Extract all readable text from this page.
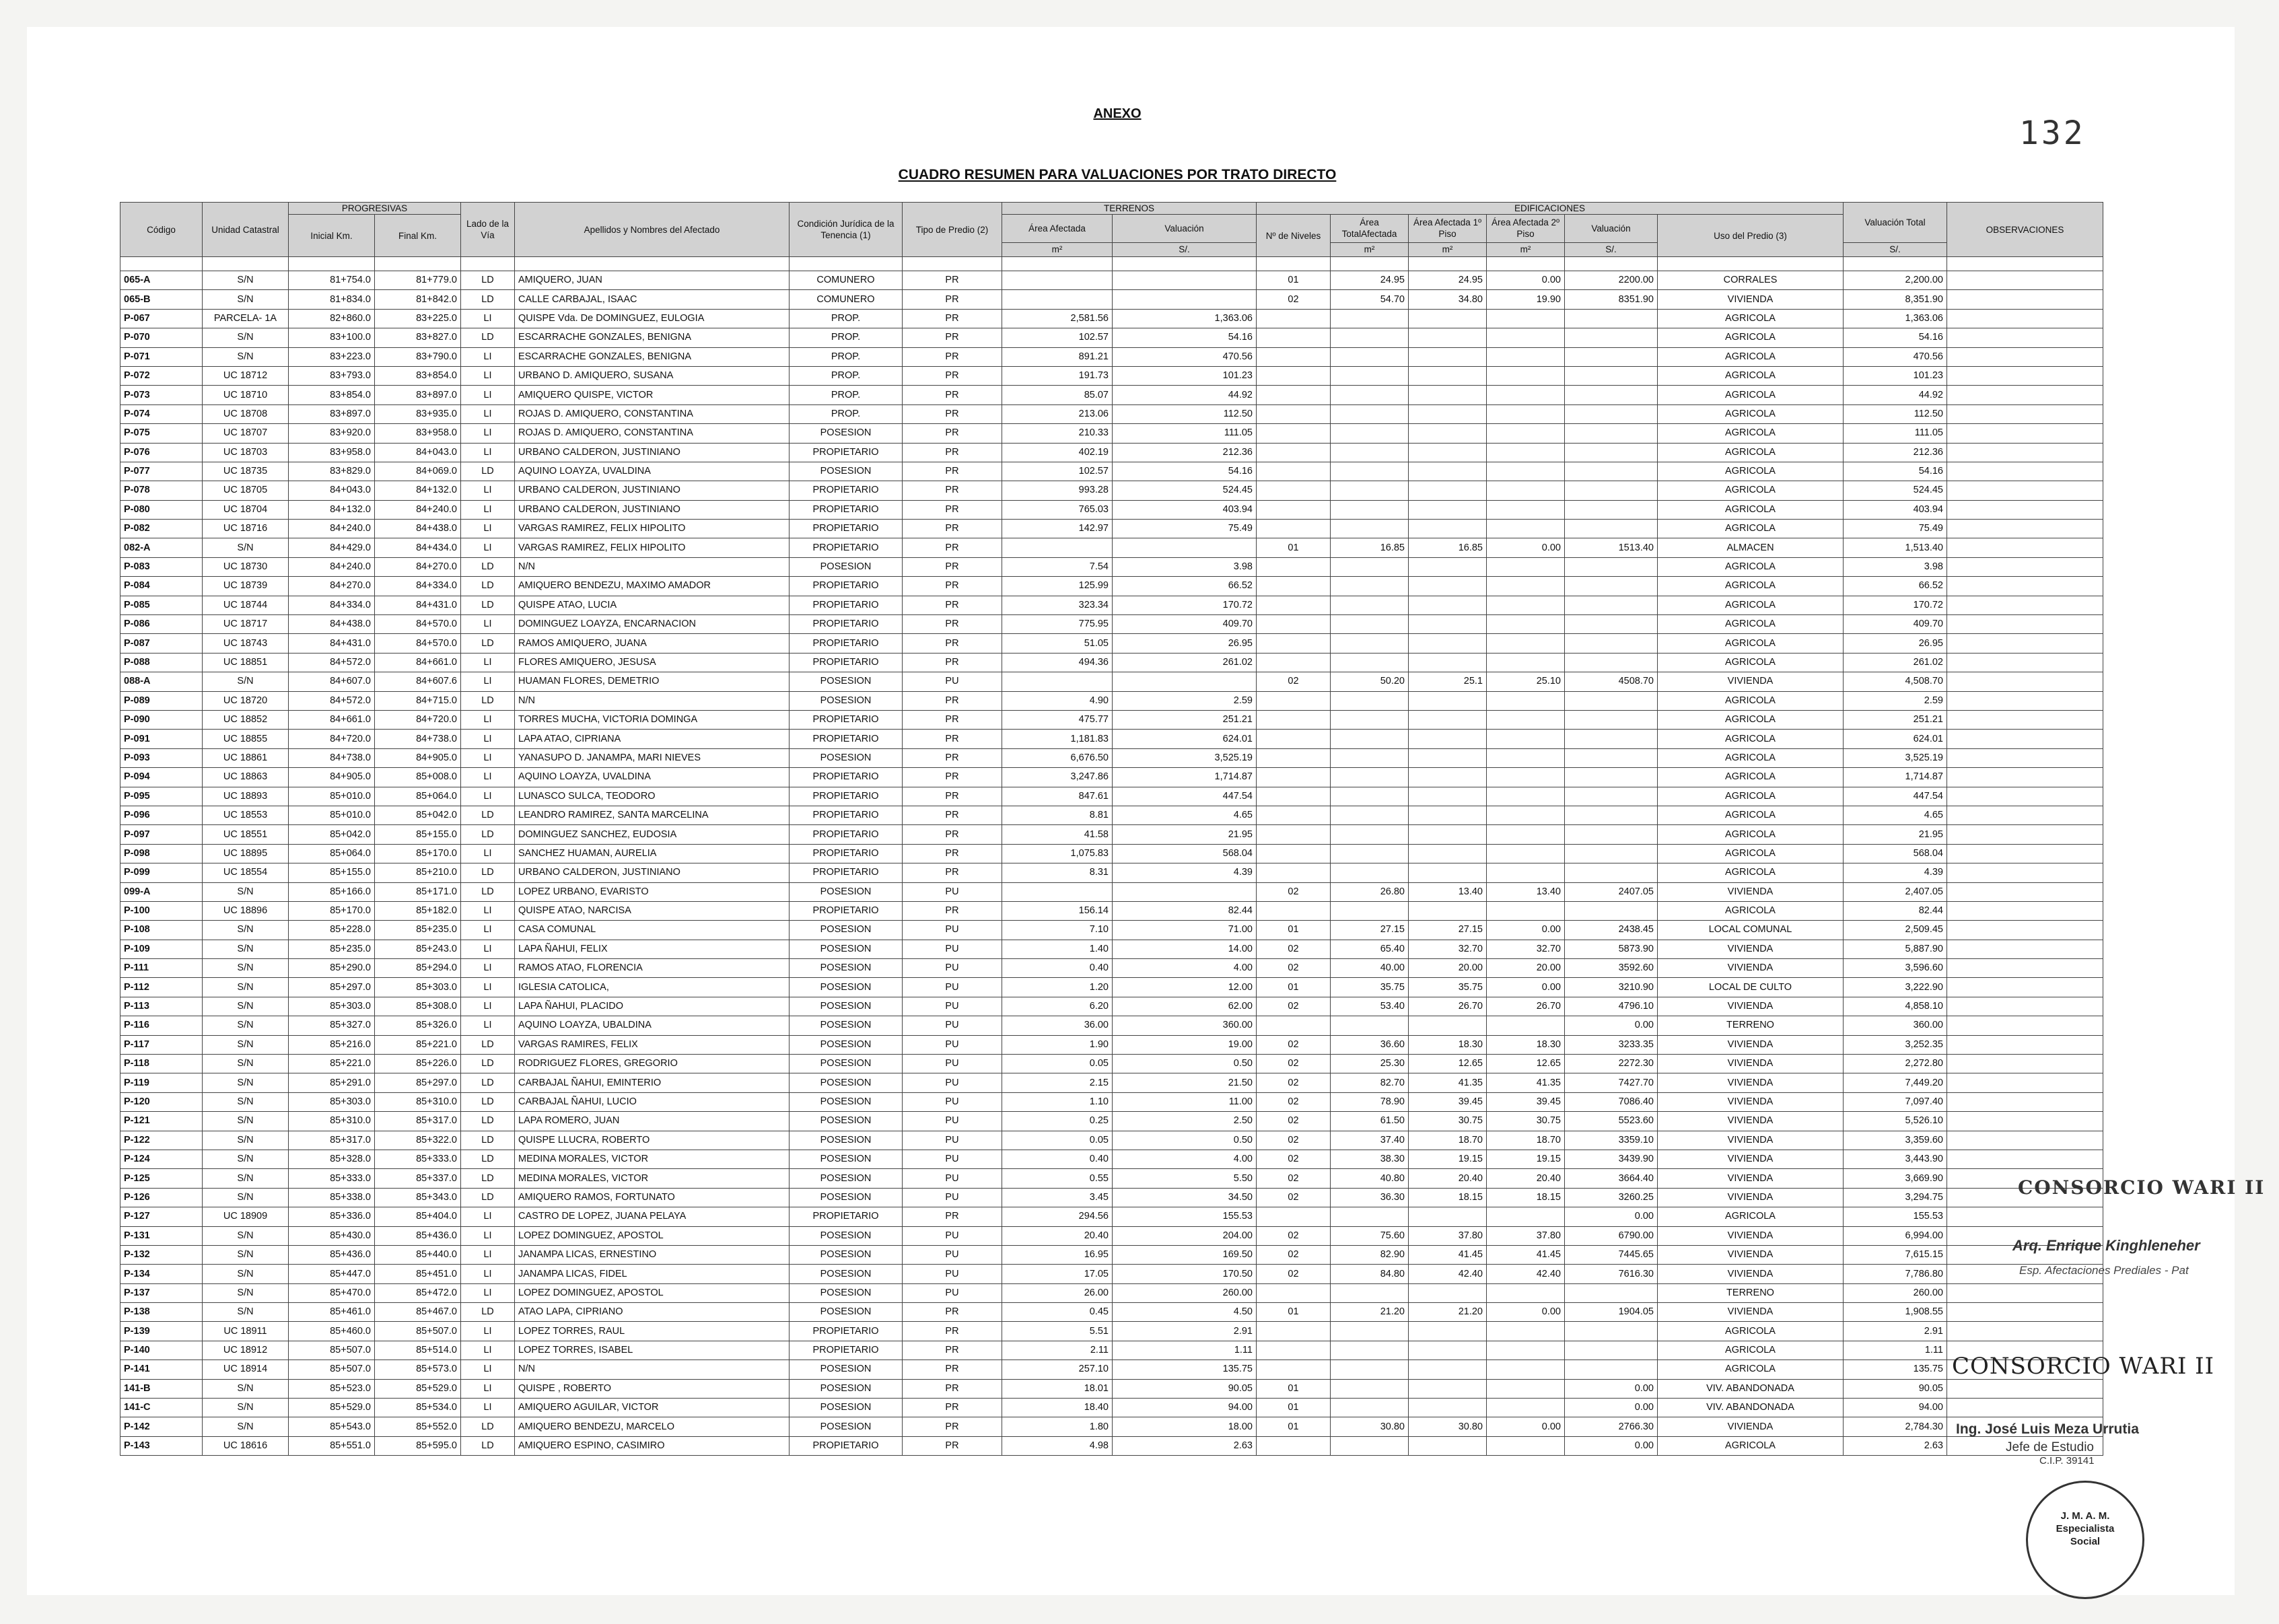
ANEXO
CUADRO RESUMEN PARA VALUACIONES POR TRATO DIRECTO
132
Código	Unidad Catastral	PROGRESIVAS		Lado de la Vía	Apellidos y Nombres del Afectado	Condición Jurídica de la Tenencia (1)	Tipo de Predio (2)	TERRENOS		EDIFICACIONES						Valuación Total	OBSERVACIONES
		Inicial Km.	Final Km.					Área Afectada	Valuación	Nº de Niveles	Área TotalAfectada	Área Afectada 1º Piso	Área Afectada 2º Piso	Valuación	Uso del Predio (3)		
								m²	S/.		m²	m²	m²	S/.		S/.	

065-A	S/N	81+754.0	81+779.0	LD	AMIQUERO, JUAN	COMUNERO	PR			01	24.95	24.95	0.00	2200.00	CORRALES	2,200.00	
065-B	S/N	81+834.0	81+842.0	LD	CALLE CARBAJAL, ISAAC	COMUNERO	PR			02	54.70	34.80	19.90	8351.90	VIVIENDA	8,351.90	
P-067	PARCELA- 1A	82+860.0	83+225.0	LI	QUISPE Vda. De DOMINGUEZ, EULOGIA	PROP.	PR	2,581.56	1,363.06						AGRICOLA	1,363.06	
P-070	S/N	83+100.0	83+827.0	LD	ESCARRACHE GONZALES, BENIGNA	PROP.	PR	102.57	54.16						AGRICOLA	54.16	
P-071	S/N	83+223.0	83+790.0	LI	ESCARRACHE GONZALES, BENIGNA	PROP.	PR	891.21	470.56						AGRICOLA	470.56	
P-072	UC 18712	83+793.0	83+854.0	LI	URBANO D. AMIQUERO, SUSANA	PROP.	PR	191.73	101.23						AGRICOLA	101.23	
P-073	UC 18710	83+854.0	83+897.0	LI	AMIQUERO QUISPE, VICTOR	PROP.	PR	85.07	44.92						AGRICOLA	44.92	
P-074	UC 18708	83+897.0	83+935.0	LI	ROJAS D. AMIQUERO, CONSTANTINA	PROP.	PR	213.06	112.50						AGRICOLA	112.50	
P-075	UC 18707	83+920.0	83+958.0	LI	ROJAS D. AMIQUERO, CONSTANTINA	POSESION	PR	210.33	111.05						AGRICOLA	111.05	
P-076	UC 18703	83+958.0	84+043.0	LI	URBANO CALDERON, JUSTINIANO	PROPIETARIO	PR	402.19	212.36						AGRICOLA	212.36	
P-077	UC 18735	83+829.0	84+069.0	LD	AQUINO LOAYZA, UVALDINA	POSESION	PR	102.57	54.16						AGRICOLA	54.16	
P-078	UC 18705	84+043.0	84+132.0	LI	URBANO CALDERON, JUSTINIANO	PROPIETARIO	PR	993.28	524.45						AGRICOLA	524.45	
P-080	UC 18704	84+132.0	84+240.0	LI	URBANO CALDERON, JUSTINIANO	PROPIETARIO	PR	765.03	403.94						AGRICOLA	403.94	
P-082	UC 18716	84+240.0	84+438.0	LI	VARGAS RAMIREZ, FELIX HIPOLITO	PROPIETARIO	PR	142.97	75.49						AGRICOLA	75.49	
082-A	S/N	84+429.0	84+434.0	LI	VARGAS RAMIREZ, FELIX HIPOLITO	PROPIETARIO	PR			01	16.85	16.85	0.00	1513.40	ALMACEN	1,513.40	
P-083	UC 18730	84+240.0	84+270.0	LD	N/N	POSESION	PR	7.54	3.98						AGRICOLA	3.98	
P-084	UC 18739	84+270.0	84+334.0	LD	AMIQUERO BENDEZU, MAXIMO AMADOR	PROPIETARIO	PR	125.99	66.52						AGRICOLA	66.52	
P-085	UC 18744	84+334.0	84+431.0	LD	QUISPE ATAO, LUCIA	PROPIETARIO	PR	323.34	170.72						AGRICOLA	170.72	
P-086	UC 18717	84+438.0	84+570.0	LI	DOMINGUEZ LOAYZA, ENCARNACION	PROPIETARIO	PR	775.95	409.70						AGRICOLA	409.70	
P-087	UC 18743	84+431.0	84+570.0	LD	RAMOS AMIQUERO, JUANA	PROPIETARIO	PR	51.05	26.95						AGRICOLA	26.95	
P-088	UC 18851	84+572.0	84+661.0	LI	FLORES AMIQUERO, JESUSA	PROPIETARIO	PR	494.36	261.02						AGRICOLA	261.02	
088-A	S/N	84+607.0	84+607.6	LI	HUAMAN FLORES, DEMETRIO	POSESION	PU			02	50.20	25.1	25.10	4508.70	VIVIENDA	4,508.70	
P-089	UC 18720	84+572.0	84+715.0	LD	N/N	POSESION	PR	4.90	2.59						AGRICOLA	2.59	
P-090	UC 18852	84+661.0	84+720.0	LI	TORRES MUCHA, VICTORIA DOMINGA	PROPIETARIO	PR	475.77	251.21						AGRICOLA	251.21	
P-091	UC 18855	84+720.0	84+738.0	LI	LAPA ATAO, CIPRIANA	PROPIETARIO	PR	1,181.83	624.01						AGRICOLA	624.01	
P-093	UC 18861	84+738.0	84+905.0	LI	YANASUPO D. JANAMPA, MARI NIEVES	POSESION	PR	6,676.50	3,525.19						AGRICOLA	3,525.19	
P-094	UC 18863	84+905.0	85+008.0	LI	AQUINO LOAYZA, UVALDINA	PROPIETARIO	PR	3,247.86	1,714.87						AGRICOLA	1,714.87	
P-095	UC 18893	85+010.0	85+064.0	LI	LUNASCO SULCA, TEODORO	PROPIETARIO	PR	847.61	447.54						AGRICOLA	447.54	
P-096	UC 18553	85+010.0	85+042.0	LD	LEANDRO RAMIREZ, SANTA MARCELINA	PROPIETARIO	PR	8.81	4.65						AGRICOLA	4.65	
P-097	UC 18551	85+042.0	85+155.0	LD	DOMINGUEZ SANCHEZ, EUDOSIA	PROPIETARIO	PR	41.58	21.95						AGRICOLA	21.95	
P-098	UC 18895	85+064.0	85+170.0	LI	SANCHEZ HUAMAN, AURELIA	PROPIETARIO	PR	1,075.83	568.04						AGRICOLA	568.04	
P-099	UC 18554	85+155.0	85+210.0	LD	URBANO CALDERON, JUSTINIANO	PROPIETARIO	PR	8.31	4.39						AGRICOLA	4.39	
099-A	S/N	85+166.0	85+171.0	LD	LOPEZ URBANO, EVARISTO	POSESION	PU			02	26.80	13.40	13.40	2407.05	VIVIENDA	2,407.05	
P-100	UC 18896	85+170.0	85+182.0	LI	QUISPE ATAO, NARCISA	PROPIETARIO	PR	156.14	82.44						AGRICOLA	82.44	
P-108	S/N	85+228.0	85+235.0	LI	CASA COMUNAL	POSESION	PU	7.10	71.00	01	27.15	27.15	0.00	2438.45	LOCAL COMUNAL	2,509.45	
P-109	S/N	85+235.0	85+243.0	LI	LAPA ÑAHUI, FELIX	POSESION	PU	1.40	14.00	02	65.40	32.70	32.70	5873.90	VIVIENDA	5,887.90	
P-111	S/N	85+290.0	85+294.0	LI	RAMOS ATAO, FLORENCIA	POSESION	PU	0.40	4.00	02	40.00	20.00	20.00	3592.60	VIVIENDA	3,596.60	
P-112	S/N	85+297.0	85+303.0	LI	IGLESIA CATOLICA,	POSESION	PU	1.20	12.00	01	35.75	35.75	0.00	3210.90	LOCAL DE CULTO	3,222.90	
P-113	S/N	85+303.0	85+308.0	LI	LAPA ÑAHUI, PLACIDO	POSESION	PU	6.20	62.00	02	53.40	26.70	26.70	4796.10	VIVIENDA	4,858.10	
P-116	S/N	85+327.0	85+326.0	LI	AQUINO LOAYZA, UBALDINA	POSESION	PU	36.00	360.00					0.00	TERRENO	360.00	
P-117	S/N	85+216.0	85+221.0	LD	VARGAS RAMIRES, FELIX	POSESION	PU	1.90	19.00	02	36.60	18.30	18.30	3233.35	VIVIENDA	3,252.35	
P-118	S/N	85+221.0	85+226.0	LD	RODRIGUEZ FLORES, GREGORIO	POSESION	PU	0.05	0.50	02	25.30	12.65	12.65	2272.30	VIVIENDA	2,272.80	
P-119	S/N	85+291.0	85+297.0	LD	CARBAJAL ÑAHUI, EMINTERIO	POSESION	PU	2.15	21.50	02	82.70	41.35	41.35	7427.70	VIVIENDA	7,449.20	
P-120	S/N	85+303.0	85+310.0	LD	CARBAJAL ÑAHUI, LUCIO	POSESION	PU	1.10	11.00	02	78.90	39.45	39.45	7086.40	VIVIENDA	7,097.40	
P-121	S/N	85+310.0	85+317.0	LD	LAPA ROMERO, JUAN	POSESION	PU	0.25	2.50	02	61.50	30.75	30.75	5523.60	VIVIENDA	5,526.10	
P-122	S/N	85+317.0	85+322.0	LD	QUISPE LLUCRA, ROBERTO	POSESION	PU	0.05	0.50	02	37.40	18.70	18.70	3359.10	VIVIENDA	3,359.60	
P-124	S/N	85+328.0	85+333.0	LD	MEDINA MORALES, VICTOR	POSESION	PU	0.40	4.00	02	38.30	19.15	19.15	3439.90	VIVIENDA	3,443.90	
P-125	S/N	85+333.0	85+337.0	LD	MEDINA MORALES, VICTOR	POSESION	PU	0.55	5.50	02	40.80	20.40	20.40	3664.40	VIVIENDA	3,669.90	
P-126	S/N	85+338.0	85+343.0	LD	AMIQUERO RAMOS, FORTUNATO	POSESION	PU	3.45	34.50	02	36.30	18.15	18.15	3260.25	VIVIENDA	3,294.75	
P-127	UC 18909	85+336.0	85+404.0	LI	CASTRO DE LOPEZ, JUANA PELAYA	PROPIETARIO	PR	294.56	155.53					0.00	AGRICOLA	155.53	
P-131	S/N	85+430.0	85+436.0	LI	LOPEZ DOMINGUEZ, APOSTOL	POSESION	PU	20.40	204.00	02	75.60	37.80	37.80	6790.00	VIVIENDA	6,994.00	
P-132	S/N	85+436.0	85+440.0	LI	JANAMPA LICAS, ERNESTINO	POSESION	PU	16.95	169.50	02	82.90	41.45	41.45	7445.65	VIVIENDA	7,615.15	
P-134	S/N	85+447.0	85+451.0	LI	JANAMPA LICAS, FIDEL	POSESION	PU	17.05	170.50	02	84.80	42.40	42.40	7616.30	VIVIENDA	7,786.80	
P-137	S/N	85+470.0	85+472.0	LI	LOPEZ DOMINGUEZ, APOSTOL	POSESION	PU	26.00	260.00						TERRENO	260.00	
P-138	S/N	85+461.0	85+467.0	LD	ATAO LAPA, CIPRIANO	POSESION	PR	0.45	4.50	01	21.20	21.20	0.00	1904.05	VIVIENDA	1,908.55	
P-139	UC 18911	85+460.0	85+507.0	LI	LOPEZ TORRES, RAUL	PROPIETARIO	PR	5.51	2.91						AGRICOLA	2.91	
P-140	UC 18912	85+507.0	85+514.0	LI	LOPEZ TORRES, ISABEL	PROPIETARIO	PR	2.11	1.11						AGRICOLA	1.11	
P-141	UC 18914	85+507.0	85+573.0	LI	N/N	POSESION	PR	257.10	135.75						AGRICOLA	135.75	
141-B	S/N	85+523.0	85+529.0	LI	QUISPE , ROBERTO	POSESION	PR	18.01	90.05	01				0.00	VIV. ABANDONADA	90.05	
141-C	S/N	85+529.0	85+534.0	LI	AMIQUERO AGUILAR, VICTOR	POSESION	PR	18.40	94.00	01				0.00	VIV. ABANDONADA	94.00	
P-142	S/N	85+543.0	85+552.0	LD	AMIQUERO BENDEZU, MARCELO	POSESION	PR	1.80	18.00	01	30.80	30.80	0.00	2766.30	VIVIENDA	2,784.30	
P-143	UC 18616	85+551.0	85+595.0	LD	AMIQUERO ESPINO, CASIMIRO	PROPIETARIO	PR	4.98	2.63					0.00	AGRICOLA	2.63	
CONSORCIO WARI II
Arq. Enrique Kinghleneher
Esp. Afectaciones Prediales - Pat
CONSORCIO WARI II
Ing. José Luis Meza Urrutia
Jefe de Estudio
C.I.P. 39141
J. M. A. M.
Especialista
Social
